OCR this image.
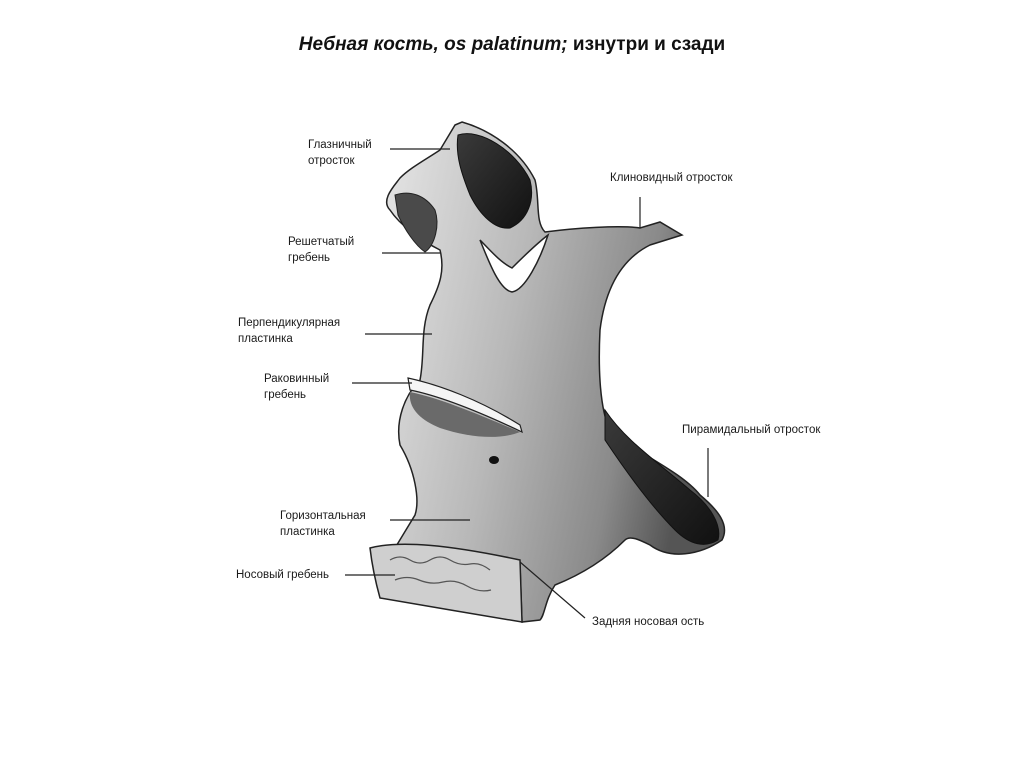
Небная кость, os palatinum; изнутри и сзади
Глазничный
отросток
Клиновидный отросток
Решетчатый
гребень
Перпендикулярная
пластинка
Раковинный
гребень
Пирамидальный отросток
Горизонтальная
пластинка
Носовый гребень
Задняя носовая ость
